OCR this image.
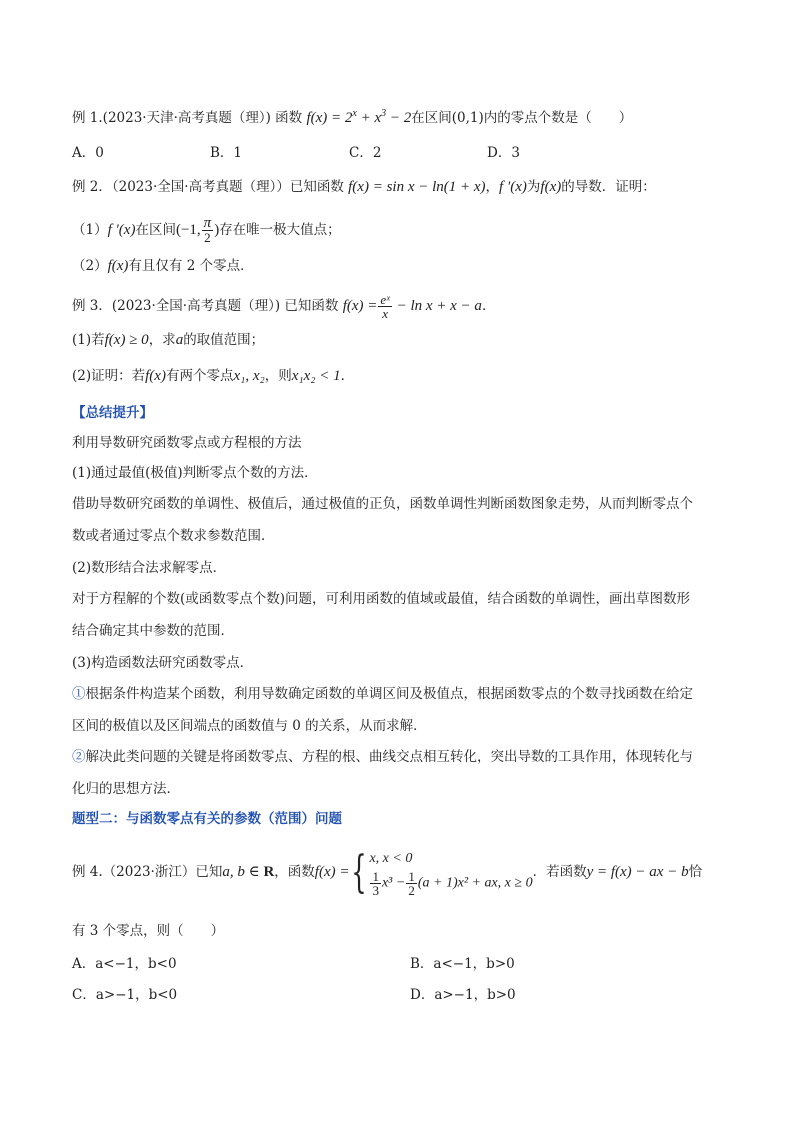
例 1.(2023·天津·高考真题（理）) 函数 $f(x) = 2^x + x^3 - 2$在区间(0,1)内的零点个数是（　　）
A．0	B．1	C．2	D．3
例 2．（2023·全国·高考真题（理））已知函数 f(x) = sin x − ln(1 + x)，f ′(x)为f(x)的导数．证明：
（1）f ′(x)在区间(−1, $\frac{\pi}{2}$ )存在唯一极大值点；
（2）f(x)有且仅有 2 个零点．
例 3．(2023·全国·高考真题（理）) 已知函数 $f(x) = \frac{\text{eˣ}}{x} - \ln x + x - a$．
(1)若f(x) ≥ 0，求a的取值范围；
(2)证明：若f(x)有两个零点x₁, x₂，则x₁x₂ < 1．
【总结提升】
利用导数研究函数零点或方程根的方法
(1)通过最值(极值)判断零点个数的方法．
借助导数研究函数的单调性、极值后，通过极值的正负，函数单调性判断函数图象走势，从而判断零点个
数或者通过零点个数求参数范围．
(2)数形结合法求解零点．
对于方程解的个数(或函数零点个数)问题，可利用函数的值域或最值，结合函数的单调性，画出草图数形
结合确定其中参数的范围．
(3)构造函数法研究函数零点．
①根据条件构造某个函数，利用导数确定函数的单调区间及极值点，根据函数零点的个数寻找函数在给定
区间的极值以及区间端点的函数值与 0 的关系，从而求解．
②解决此类问题的关键是将函数零点、方程的根、曲线交点相互转化，突出导数的工具作用，体现转化与
化归的思想方法．
题型二：与函数零点有关的参数（范围）问题
例 4.（2023·浙江）已知a, b ∈ R，函数f(x) ={ x, x < 0
$\frac{1}{3} x^3 - \frac{1}{2} (a + 1)x^2$ + ax, x ≥ 0
．若函数y = f(x) − ax − b恰
有 3 个零点，则（　　）
A．a<−1，b<0	B．a<−1，b>0
C．a>−1，b<0	D．a>−1，b>0
